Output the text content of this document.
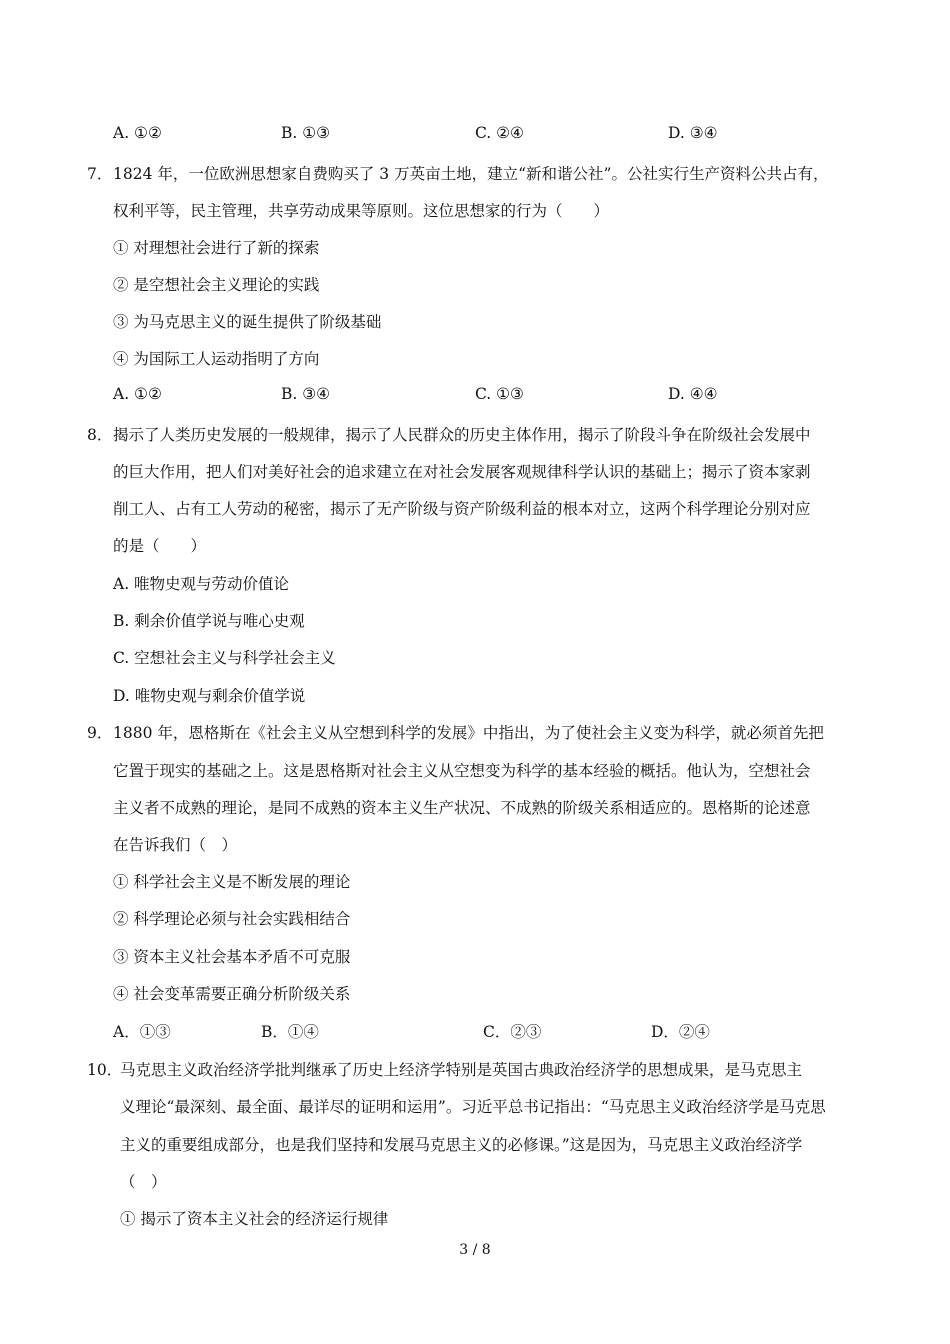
A. ①②	B. ①③	C. ②④	D. ③④
7． 1824 年，一位欧洲思想家自费购买了 3 万英亩土地，建立“新和谐公社”。公社实行生产资料公共占有，
权利平等，民主管理，共享劳动成果等原则。这位思想家的行为（　　）
① 对理想社会进行了新的探索
② 是空想社会主义理论的实践
③ 为马克思主义的诞生提供了阶级基础
④ 为国际工人运动指明了方向
A. ①②	B. ③④	C. ①③	D. ④④
8． 揭示了人类历史发展的一般规律，揭示了人民群众的历史主体作用，揭示了阶段斗争在阶级社会发展中
的巨大作用，把人们对美好社会的追求建立在对社会发展客观规律科学认识的基础上；揭示了资本家剥
削工人、占有工人劳动的秘密，揭示了无产阶级与资产阶级利益的根本对立，这两个科学理论分别对应
的是（　　）
A. 唯物史观与劳动价值论
B. 剩余价值学说与唯心史观
C. 空想社会主义与科学社会主义
D. 唯物史观与剩余价值学说
9． 1880 年，恩格斯在《社会主义从空想到科学的发展》中指出，为了使社会主义变为科学，就必须首先把
它置于现实的基础之上。这是恩格斯对社会主义从空想变为科学的基本经验的概括。他认为，空想社会
主义者不成熟的理论，是同不成熟的资本主义生产状况、不成熟的阶级关系相适应的。恩格斯的论述意
在告诉我们（　）
① 科学社会主义是不断发展的理论
② 科学理论必须与社会实践相结合
③ 资本主义社会基本矛盾不可克服
④ 社会变革需要正确分析阶级关系
A．①③	B．①④	C．②③	D．②④
10．
马克思主义政治经济学批判继承了历史上经济学特别是英国古典政治经济学的思想成果，是马克思主
义理论“最深刻、最全面、最详尽的证明和运用”。习近平总书记指出：“马克思主义政治经济学是马克思
主义的重要组成部分，也是我们坚持和发展马克思主义的必修课。”这是因为，马克思主义政治经济学
（　）
① 揭示了资本主义社会的经济运行规律
3 / 8
